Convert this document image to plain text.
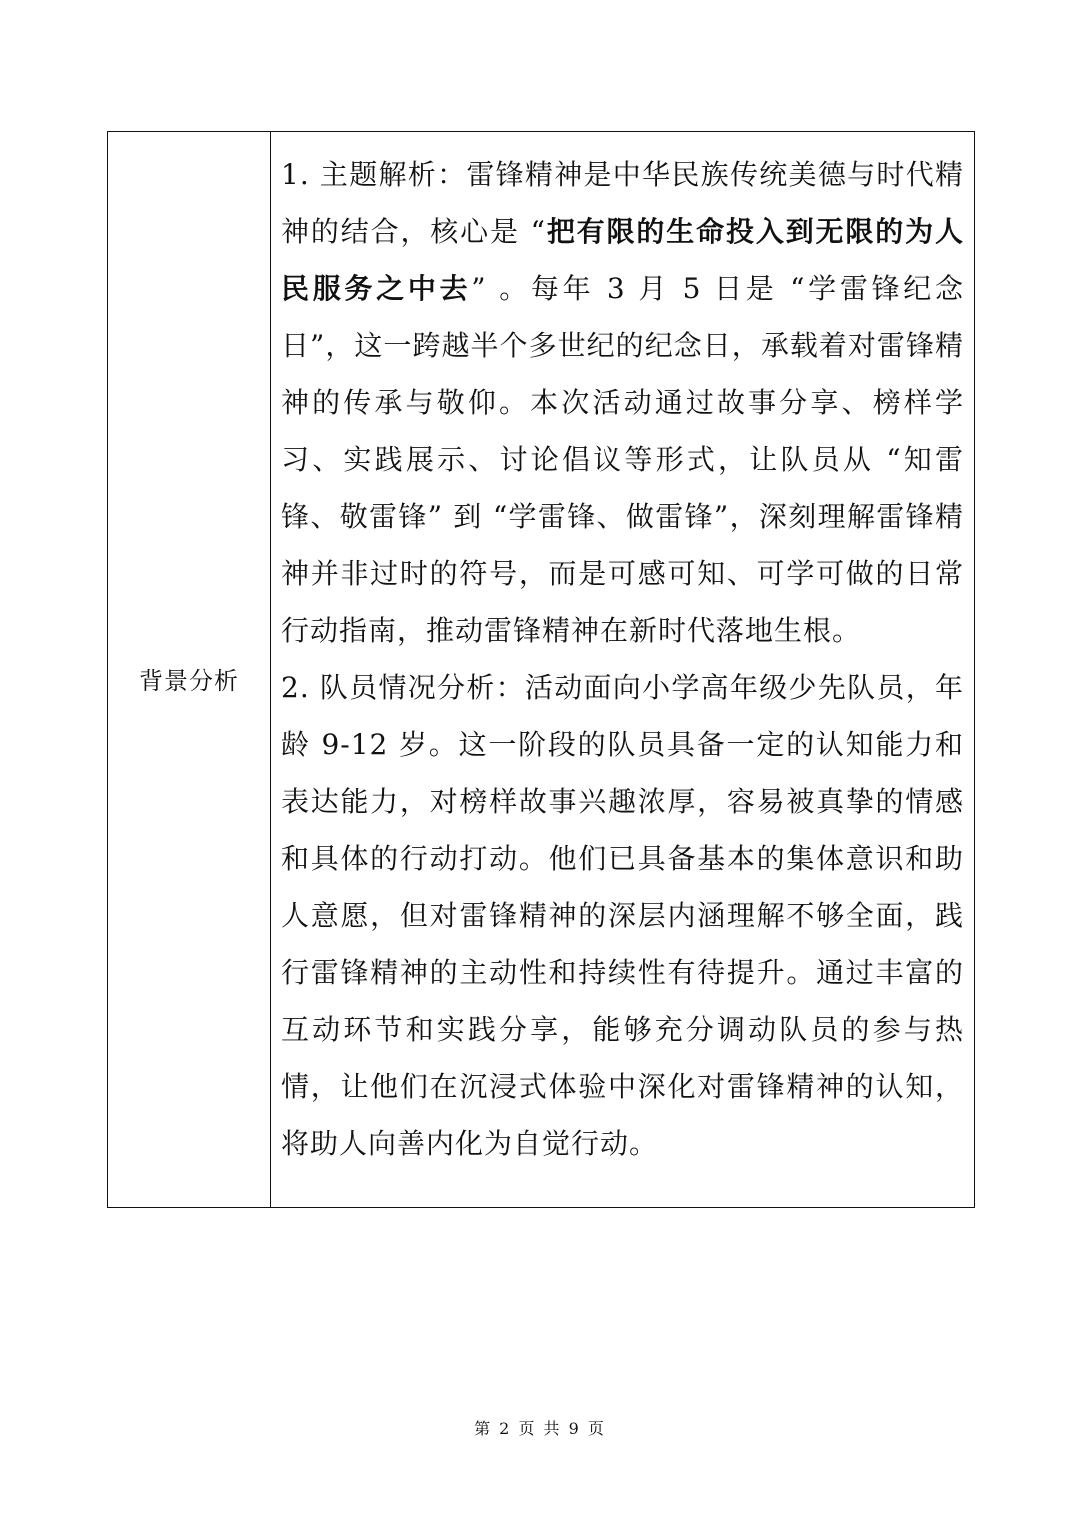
背景分析

1. 主题解析：雷锋精神是中华民族传统美德与时代精神的结合，核心是 “把有限的生命投入到无限的为人民服务之中去” 。每年 3 月 5 日是 “学雷锋纪念日”，这一跨越半个多世纪的纪念日，承载着对雷锋精神的传承与敬仰。本次活动通过故事分享、榜样学习、实践展示、讨论倡议等形式，让队员从 “知雷锋、敬雷锋” 到 “学雷锋、做雷锋”，深刻理解雷锋精神并非过时的符号，而是可感可知、可学可做的日常行动指南，推动雷锋精神在新时代落地生根。

2. 队员情况分析：活动面向小学高年级少先队员，年龄 9-12 岁。这一阶段的队员具备一定的认知能力和表达能力，对榜样故事兴趣浓厚，容易被真挚的情感和具体的行动打动。他们已具备基本的集体意识和助人意愿，但对雷锋精神的深层内涵理解不够全面，践行雷锋精神的主动性和持续性有待提升。通过丰富的互动环节和实践分享，能够充分调动队员的参与热情，让他们在沉浸式体验中深化对雷锋精神的认知，将助人向善内化为自觉行动。

第 2 页 共 9 页
